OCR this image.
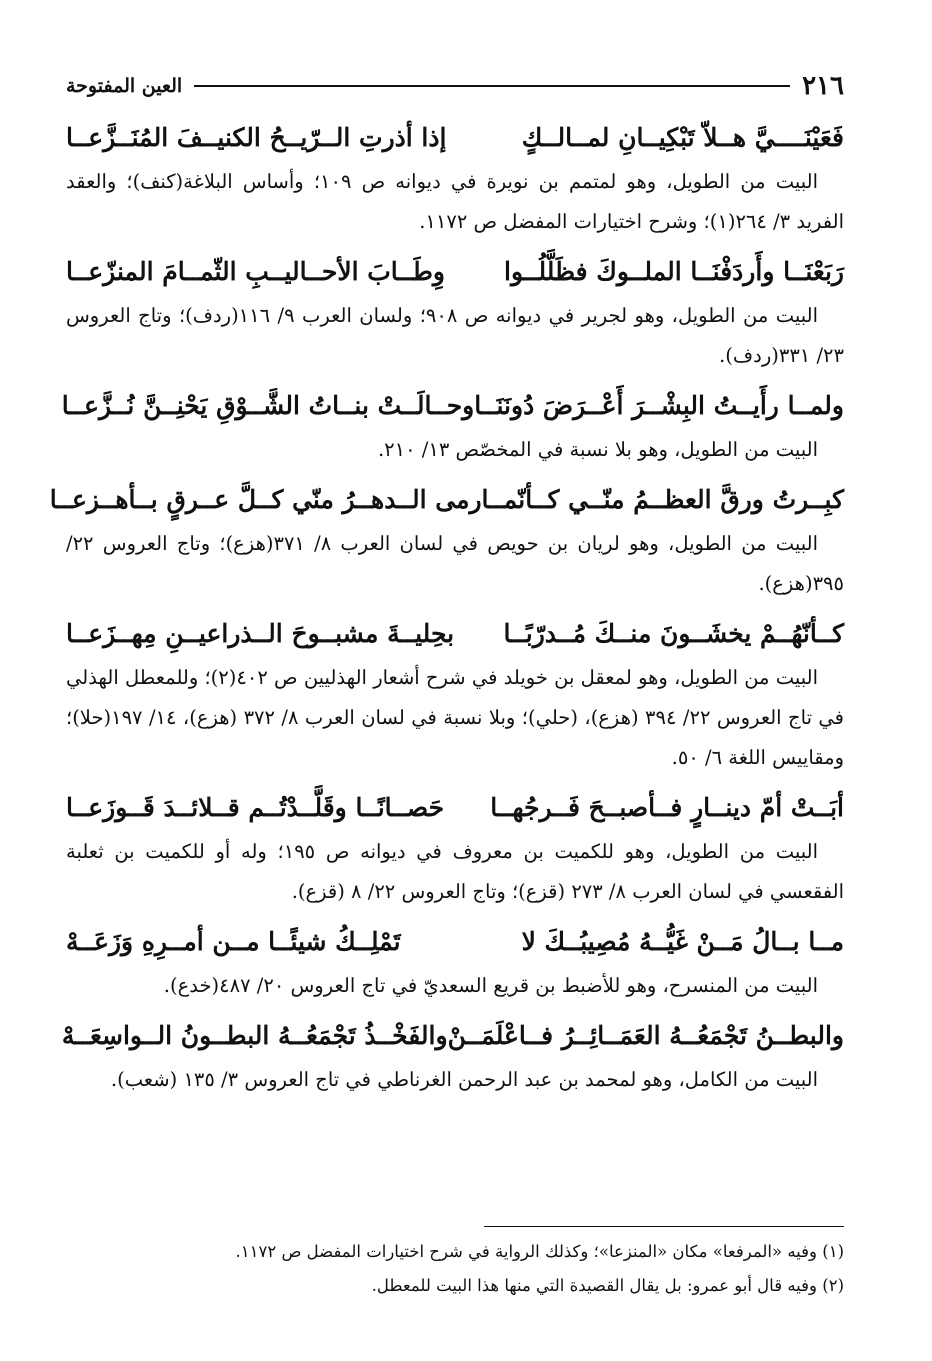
٢١٦
العين المفتوحة
فَعَيْنَــــيَّ هــلاّ تَبْكِيــانِ لمــالــكٍ
إذا أذرتِ الــرّيــحُ الكنيــفَ المُنَــزَّعــا

البيت من الطويل، وهو لمتمم بن نويرة في ديوانه ص ١٠٩؛ وأساس البلاغة(كنف)؛ والعقد الفريد ٣/ ٢٦٤(١)؛ وشرح اختيارات المفضل ص ١١٧٢.

رَبَعْنَــا وأَردَفْنَــا الملــوكَ فظَلَّلُــوا
وِطَــابَ الأحــاليــبِ الثّمــامَ المنزّعــا

البيت من الطويل، وهو لجرير في ديوانه ص ٩٠٨؛ ولسان العرب ٩/ ١١٦(ردف)؛ وتاج العروس ٢٣/ ٣٣١(ردف).

ولمــا رأَيــتُ البِشْــرَ أَعْــرَضَ دُونَنَــا
وحــالَــتْ بنــاتُ الشَّــوْقِ يَحْنِــنَّ نُــزَّعــا

البيت من الطويل، وهو بلا نسبة في المخصّص ١٣/ ٢١٠.

كبِــرتُ ورقَّ العظــمُ منّــي كــأنّمــا
رمى الــدهــرُ منّي كــلَّ عــرقٍ بــأهــزعــا

البيت من الطويل، وهو لريان بن حويص في لسان العرب ٨/ ٣٧١(هزع)؛ وتاج العروس ٢٢/ ٣٩٥(هزع).

كــأنّهُــمْ يخشَــونَ منــكَ مُــدرّبًــا
بحِليــةَ مشبــوحَ الــذراعيــنِ مِهــزَعــا

البيت من الطويل، وهو لمعقل بن خويلد في شرح أشعار الهذليين ص ٤٠٢(٢)؛ وللمعطل الهذلي في تاج العروس ٢٢/ ٣٩٤ (هزع)، (حلي)؛ وبلا نسبة في لسان العرب ٨/ ٣٧٢ (هزع)، ١٤/ ١٩٧(حلا)؛ ومقاييس اللغة ٦/ ٥٠.

أبَــتْ أمّ دينــارٍ فــأصبــحَ فَــرجُهــا
حَصــانًــا وقَلَّــدْتُــم قــلائــدَ قَــوزَعــا

البيت من الطويل، وهو للكميت بن معروف في ديوانه ص ١٩٥؛ وله أو للكميت بن ثعلبة الفقعسي في لسان العرب ٨/ ٢٧٣ (قزع)؛ وتاج العروس ٢٢/ ٨ (قزع).

مــا بــالُ مَــنْ غَيُّــهُ مُصِيبُــكَ لا
تَمْلِــكُ شيئًــا مــن أمــرِهِ وَزَعَــهْ

البيت من المنسرح، وهو للأضبط بن قريع السعديّ في تاج العروس ٢٠/ ٤٨٧(خدع).

والبطــنُ تَجْمَعُــهُ العَمَــائِــرُ فــاعْلَمَــنْ
والفَخْــذُ تَجْمَعُــهُ البطــونُ الــواسِعَــهْ

البيت من الكامل، وهو لمحمد بن عبد الرحمن الغرناطي في تاج العروس ٣/ ١٣٥ (شعب).

(١) وفيه «المرفعا» مكان «المنزعا»؛ وكذلك الرواية في شرح اختيارات المفضل ص ١١٧٢.

(٢) وفيه قال أبو عمرو: بل يقال القصيدة التي منها هذا البيت للمعطل.
